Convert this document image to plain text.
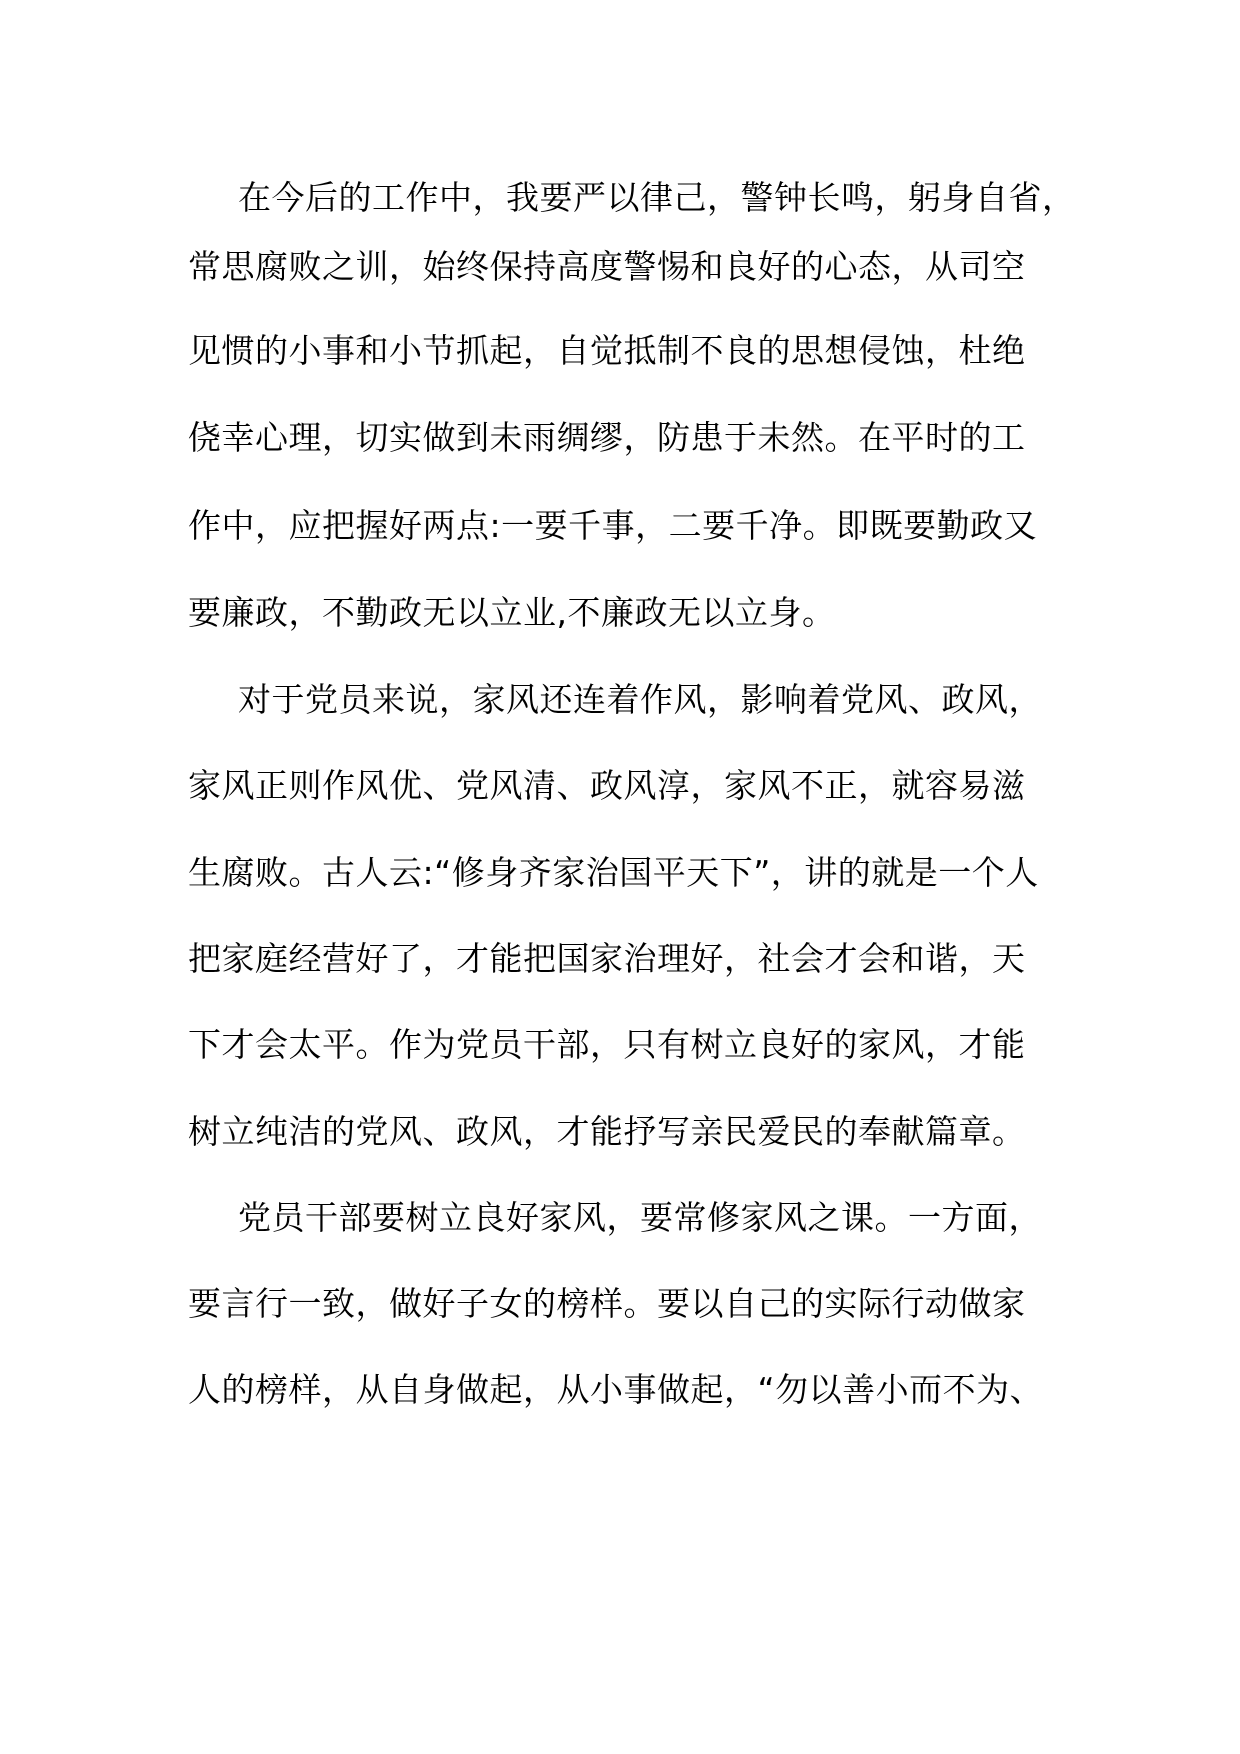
在今后的工作中，我要严以律己，警钟长鸣，躬身自省，
常思腐败之训，始终保持高度警惕和良好的心态，从司空
见惯的小事和小节抓起，自觉抵制不良的思想侵蚀，杜绝
侥幸心理，切实做到未雨绸缪，防患于未然。在平时的工
作中，应把握好两点:一要千事，二要千净。即既要勤政又
要廉政，不勤政无以立业,不廉政无以立身。
对于党员来说，家风还连着作风，影响着党风、政风，
家风正则作风优、党风清、政风淳，家风不正，就容易滋
生腐败。古人云:“修身齐家治国平天下”，讲的就是一个人
把家庭经营好了，才能把国家治理好，社会才会和谐，天
下才会太平。作为党员干部，只有树立良好的家风，才能
树立纯洁的党风、政风，才能抒写亲民爱民的奉献篇章。
党员干部要树立良好家风，要常修家风之课。一方面，
要言行一致，做好子女的榜样。要以自己的实际行动做家
人的榜样，从自身做起，从小事做起，“勿以善小而不为、
